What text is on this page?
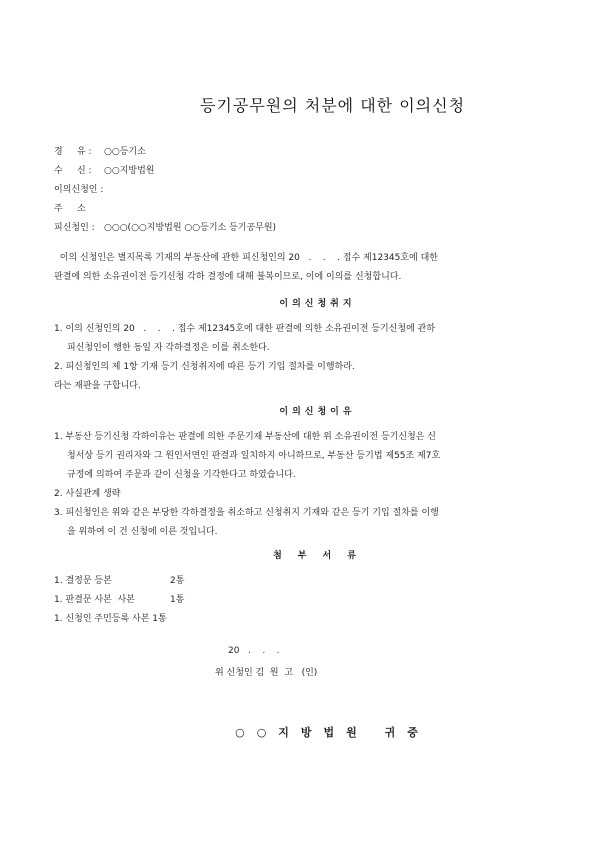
등기공무원의 처분에 대한 이의신청
경     유 :	○○등기소
수     신 :	○○지방법원
이의신청인 :
주     소
피신청인 :	○○○(○○지방법원 ○○등기소 등기공무원)
이의 신청인은 별지목록 기재의 부동산에 관한 피신청인의 20   .    .    . 접수 제12345호에 대한
판결에 의한 소유권이전 등기신청 각하 결정에 대해 불복이므로, 이에 이의를 신청합니다.
이의신청취지
1. 이의 신청인의 20   .    .    . 접수 제12345호에 대한 판결에 의한 소유권이전 등기신청에 관하
피신청인이 행한 동일 자 각하결정은 이를 취소한다.
2. 피신청인의 제 1항 기재 등기 신청취지에 따른 등기 기입 절차를 이행하라.
라는 재판을 구합니다.
이의신청이유
1. 부동산 등기신청 각하이유는 판결에 의한 주문기재 부동산에 대한 위 소유권이전 등기신청은 신
청서상 등기 권리자와 그 원인서면인 판결과 일치하지 아니하므로, 부동산 등기법 제55조 제7호
규정에 의하여 주문과 같이 신청을 기각한다고 하였습니다.
2. 사실관계 생략
3. 피신청인은 위와 같은 부당한 각하결정을 취소하고 신청취지 기재와 같은 등기 기입 절차를 이행
을 위하여 이 건 신청에 이른 것입니다.
첨부서류
1. 결정문 등본	2통
1. 판결문 사본  사본	1통
1. 신청인 주민등록 사본 1통
20   .    .    .
위 신청인 김  원  고   (인)
○○지방법원 귀중
